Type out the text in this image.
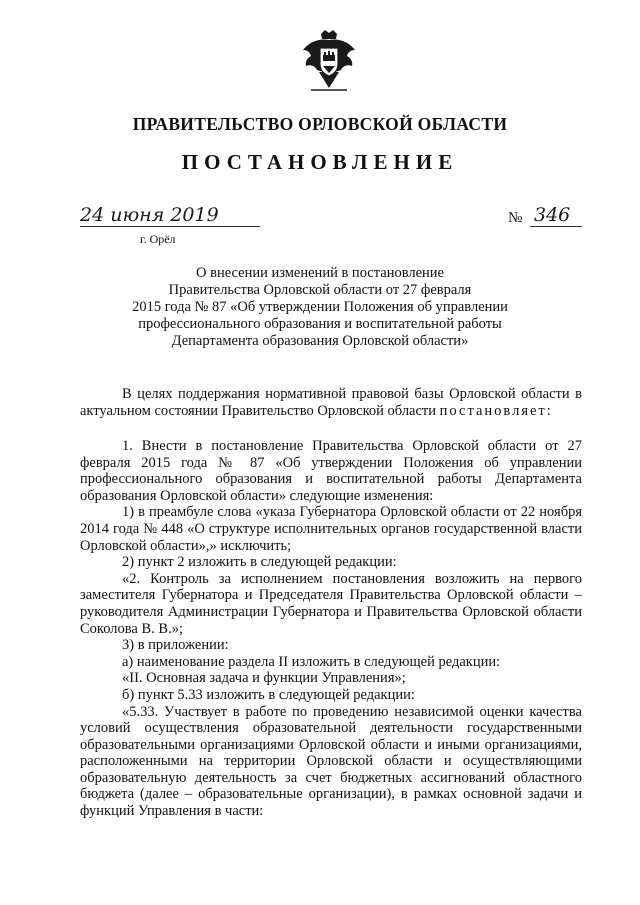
ПРАВИТЕЛЬСТВО ОРЛОВСКОЙ ОБЛАСТИ
ПОСТАНОВЛЕНИЕ
24 июня 2019
г. Орёл
№ 346
О внесении изменений в постановление
Правительства Орловской области от 27 февраля
2015 года № 87 «Об утверждении Положения об управлении
профессионального образования и воспитательной работы
Департамента образования Орловской области»

В целях поддержания нормативной правовой базы Орловской области в актуальном состоянии Правительство Орловской области постановляет:

1. Внести в постановление Правительства Орловской области от 27 февраля 2015 года № 87 «Об утверждении Положения об управлении профессионального образования и воспитательной работы Департамента образования Орловской области» следующие изменения:

1) в преамбуле слова «указа Губернатора Орловской области от 22 ноября 2014 года № 448 «О структуре исполнительных органов государственной власти Орловской области»,» исключить;

2) пункт 2 изложить в следующей редакции:

«2. Контроль за исполнением постановления возложить на первого заместителя Губернатора и Председателя Правительства Орловской области – руководителя Администрации Губернатора и Правительства Орловской области Соколова В. В.»;

3) в приложении:

а) наименование раздела II изложить в следующей редакции:

«II. Основная задача и функции Управления»;

б) пункт 5.33 изложить в следующей редакции:

«5.33. Участвует в работе по проведению независимой оценки качества условий осуществления образовательной деятельности государственными образовательными организациями Орловской области и иными организациями, расположенными на территории Орловской области и осуществляющими образовательную деятельность за счет бюджетных ассигнований областного бюджета (далее – образовательные организации), в рамках основной задачи и функций Управления в части:
